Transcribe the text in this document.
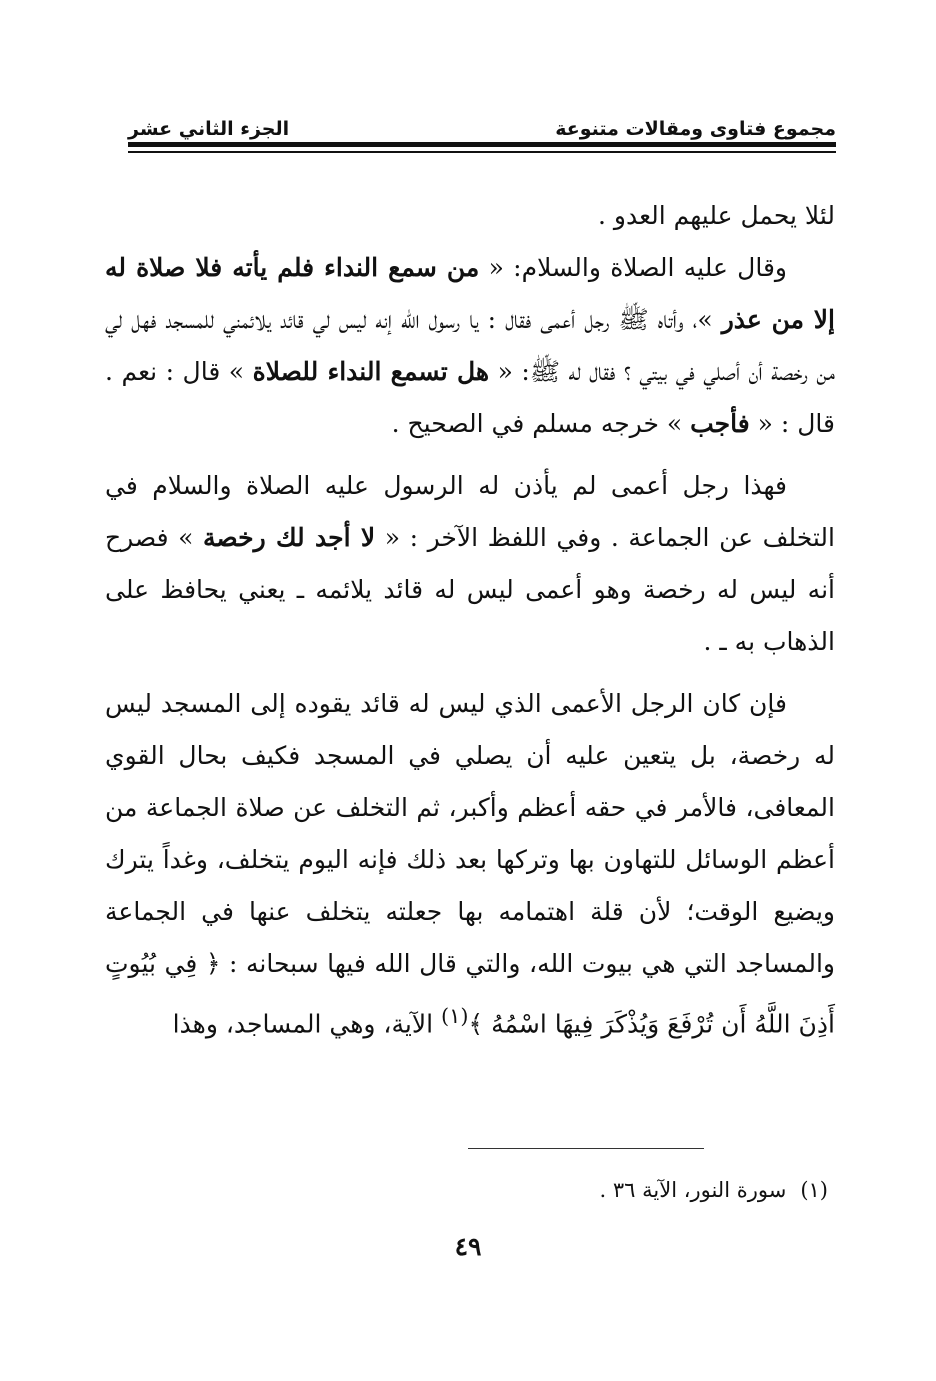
مجموع فتاوى ومقالات متنوعة
الجزء الثاني عشر

لئلا يحمل عليهم العدو .

وقال عليه الصلاة والسلام: « من سمع النداء فلم يأته فلا صلاة له إلا من عذر »، وأتاه ﷺ رجل أعمى فقال : يا رسول الله إنه ليس لي قائد يلائمني للمسجد فهل لي من رخصة أن أصلي في بيتي ؟ فقال له ﷺ: « هل تسمع النداء للصلاة » قال : نعم . قال : « فأجب » خرجه مسلم في الصحيح .

فهذا رجل أعمى لم يأذن له الرسول عليه الصلاة والسلام في التخلف عن الجماعة . وفي اللفظ الآخر : « لا أجد لك رخصة » فصرح أنه ليس له رخصة وهو أعمى ليس له قائد يلائمه ـ يعني يحافظ على الذهاب به ـ .

فإن كان الرجل الأعمى الذي ليس له قائد يقوده إلى المسجد ليس له رخصة، بل يتعين عليه أن يصلي في المسجد فكيف بحال القوي المعافى، فالأمر في حقه أعظم وأكبر، ثم التخلف عن صلاة الجماعة من أعظم الوسائل للتهاون بها وتركها بعد ذلك فإنه اليوم يتخلف، وغداً يترك ويضيع الوقت؛ لأن قلة اهتمامه بها جعلته يتخلف عنها في الجماعة والمساجد التي هي بيوت الله، والتي قال الله فيها سبحانه : ﴿ فِي بُيُوتٍ أَذِنَ اللَّهُ أَن تُرْفَعَ وَيُذْكَرَ فِيهَا اسْمُهُ ﴾$^{(١)}$ الآية، وهي المساجد، وهذا

(١)سورة النور، الآية ٣٦ .
٤٩
